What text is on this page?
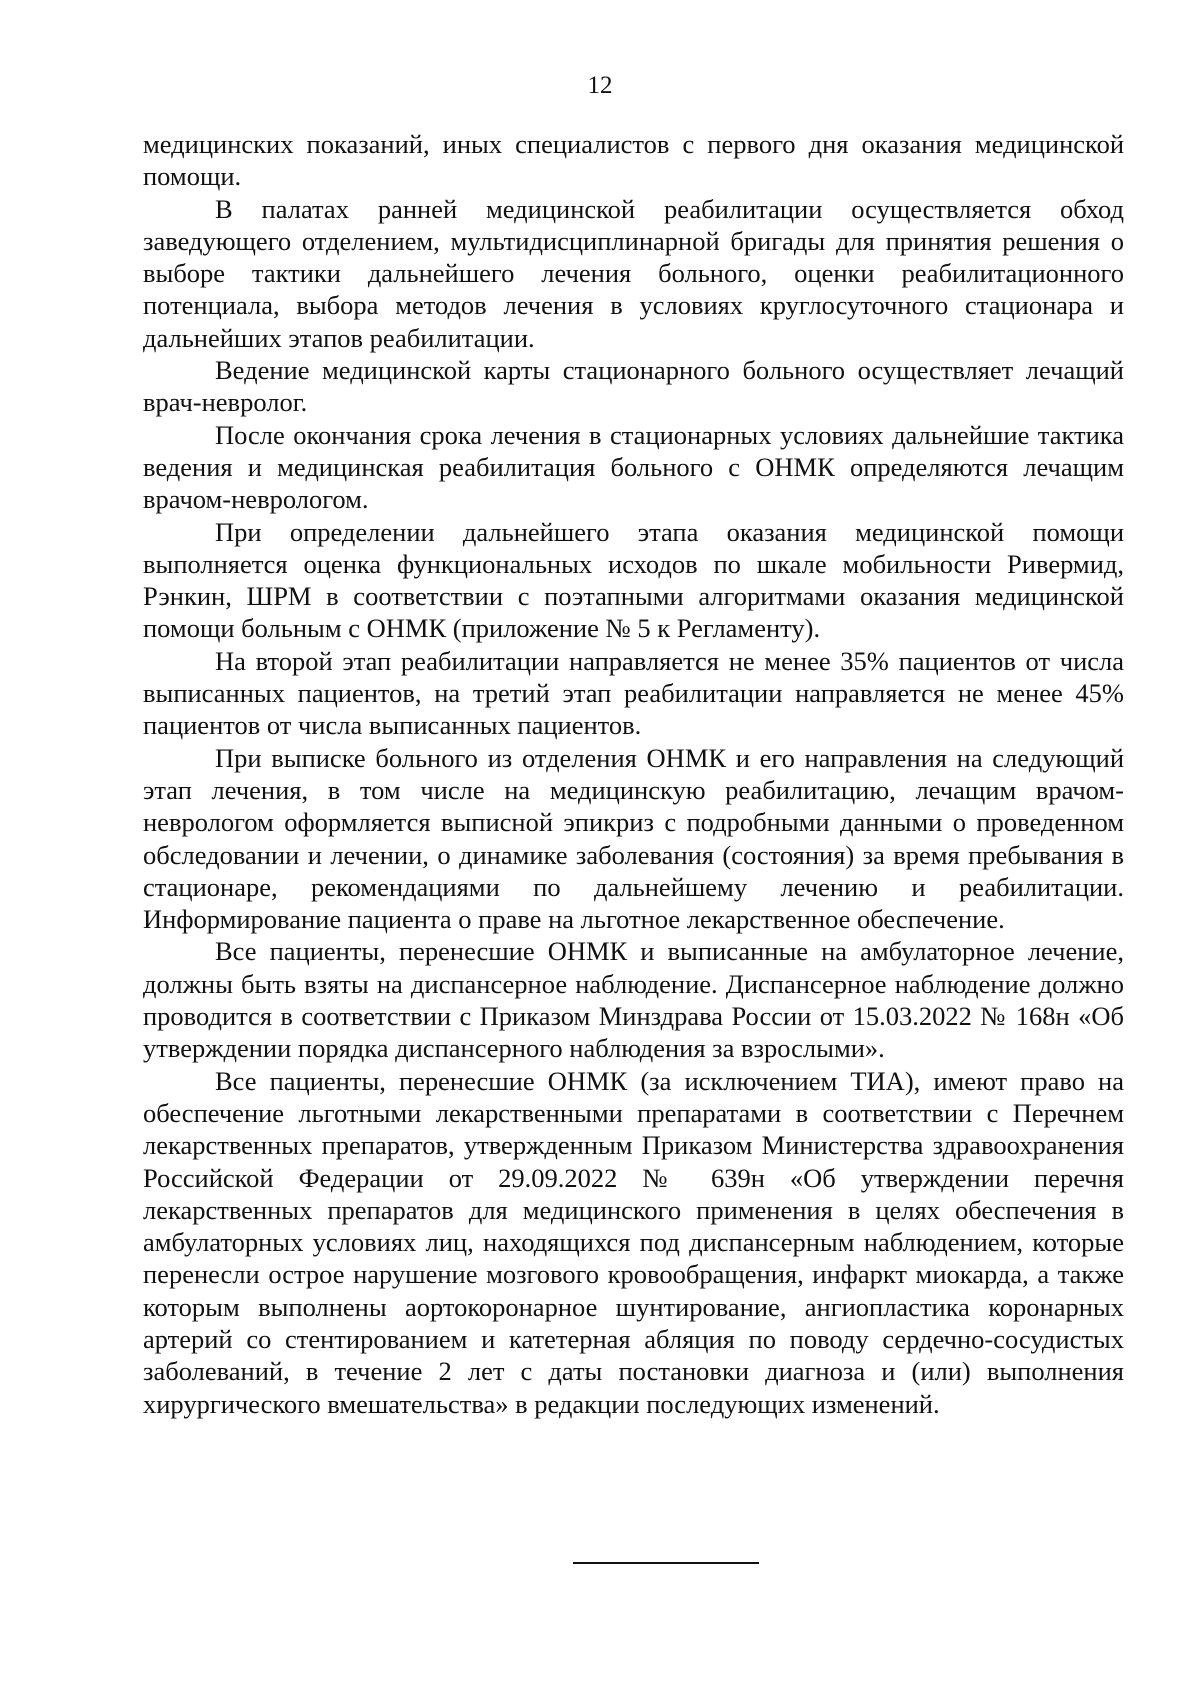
12

медицинских показаний, иных специалистов с первого дня оказания медицинской помощи.

В палатах ранней медицинской реабилитации осуществляется обход заведующего отделением, мультидисциплинарной бригады для принятия решения о выборе тактики дальнейшего лечения больного, оценки реабилитационного потенциала, выбора методов лечения в условиях круглосуточного стационара и дальнейших этапов реабилитации.

Ведение медицинской карты стационарного больного осуществляет лечащий врач-невролог.

После окончания срока лечения в стационарных условиях дальнейшие тактика ведения и медицинская реабилитация больного с ОНМК определяются лечащим врачом-неврологом.

При определении дальнейшего этапа оказания медицинской помощи выполняется оценка функциональных исходов по шкале мобильности Ривермид, Рэнкин, ШРМ в соответствии с поэтапными алгоритмами оказания медицинской помощи больным с ОНМК (приложение № 5 к Регламенту).

На второй этап реабилитации направляется не менее 35% пациентов от числа выписанных пациентов, на третий этап реабилитации направляется не менее 45% пациентов от числа выписанных пациентов.

При выписке больного из отделения ОНМК и его направления на следующий этап лечения, в том числе на медицинскую реабилитацию, лечащим врачом-неврологом оформляется выписной эпикриз с подробными данными о проведенном обследовании и лечении, о динамике заболевания (состояния) за время пребывания в стационаре, рекомендациями по дальнейшему лечению и реабилитации. Информирование пациента о праве на льготное лекарственное обеспечение.

Все пациенты, перенесшие ОНМК и выписанные на амбулаторное лечение, должны быть взяты на диспансерное наблюдение. Диспансерное наблюдение должно проводится в соответствии с Приказом Минздрава России от 15.03.2022 № 168н «Об утверждении порядка диспансерного наблюдения за взрослыми».

Все пациенты, перенесшие ОНМК (за исключением ТИА), имеют право на обеспечение льготными лекарственными препаратами в соответствии с Перечнем лекарственных препаратов, утвержденным Приказом Министерства здравоохранения Российской Федерации от 29.09.2022 № 639н «Об утверждении перечня лекарственных препаратов для медицинского применения в целях обеспечения в амбулаторных условиях лиц, находящихся под диспансерным наблюдением, которые перенесли острое нарушение мозгового кровообращения, инфаркт миокарда, а также которым выполнены аортокоронарное шунтирование, ангиопластика коронарных артерий со стентированием и катетерная абляция по поводу сердечно-сосудистых заболеваний, в течение 2 лет с даты постановки диагноза и (или) выполнения хирургического вмешательства» в редакции последующих изменений.
